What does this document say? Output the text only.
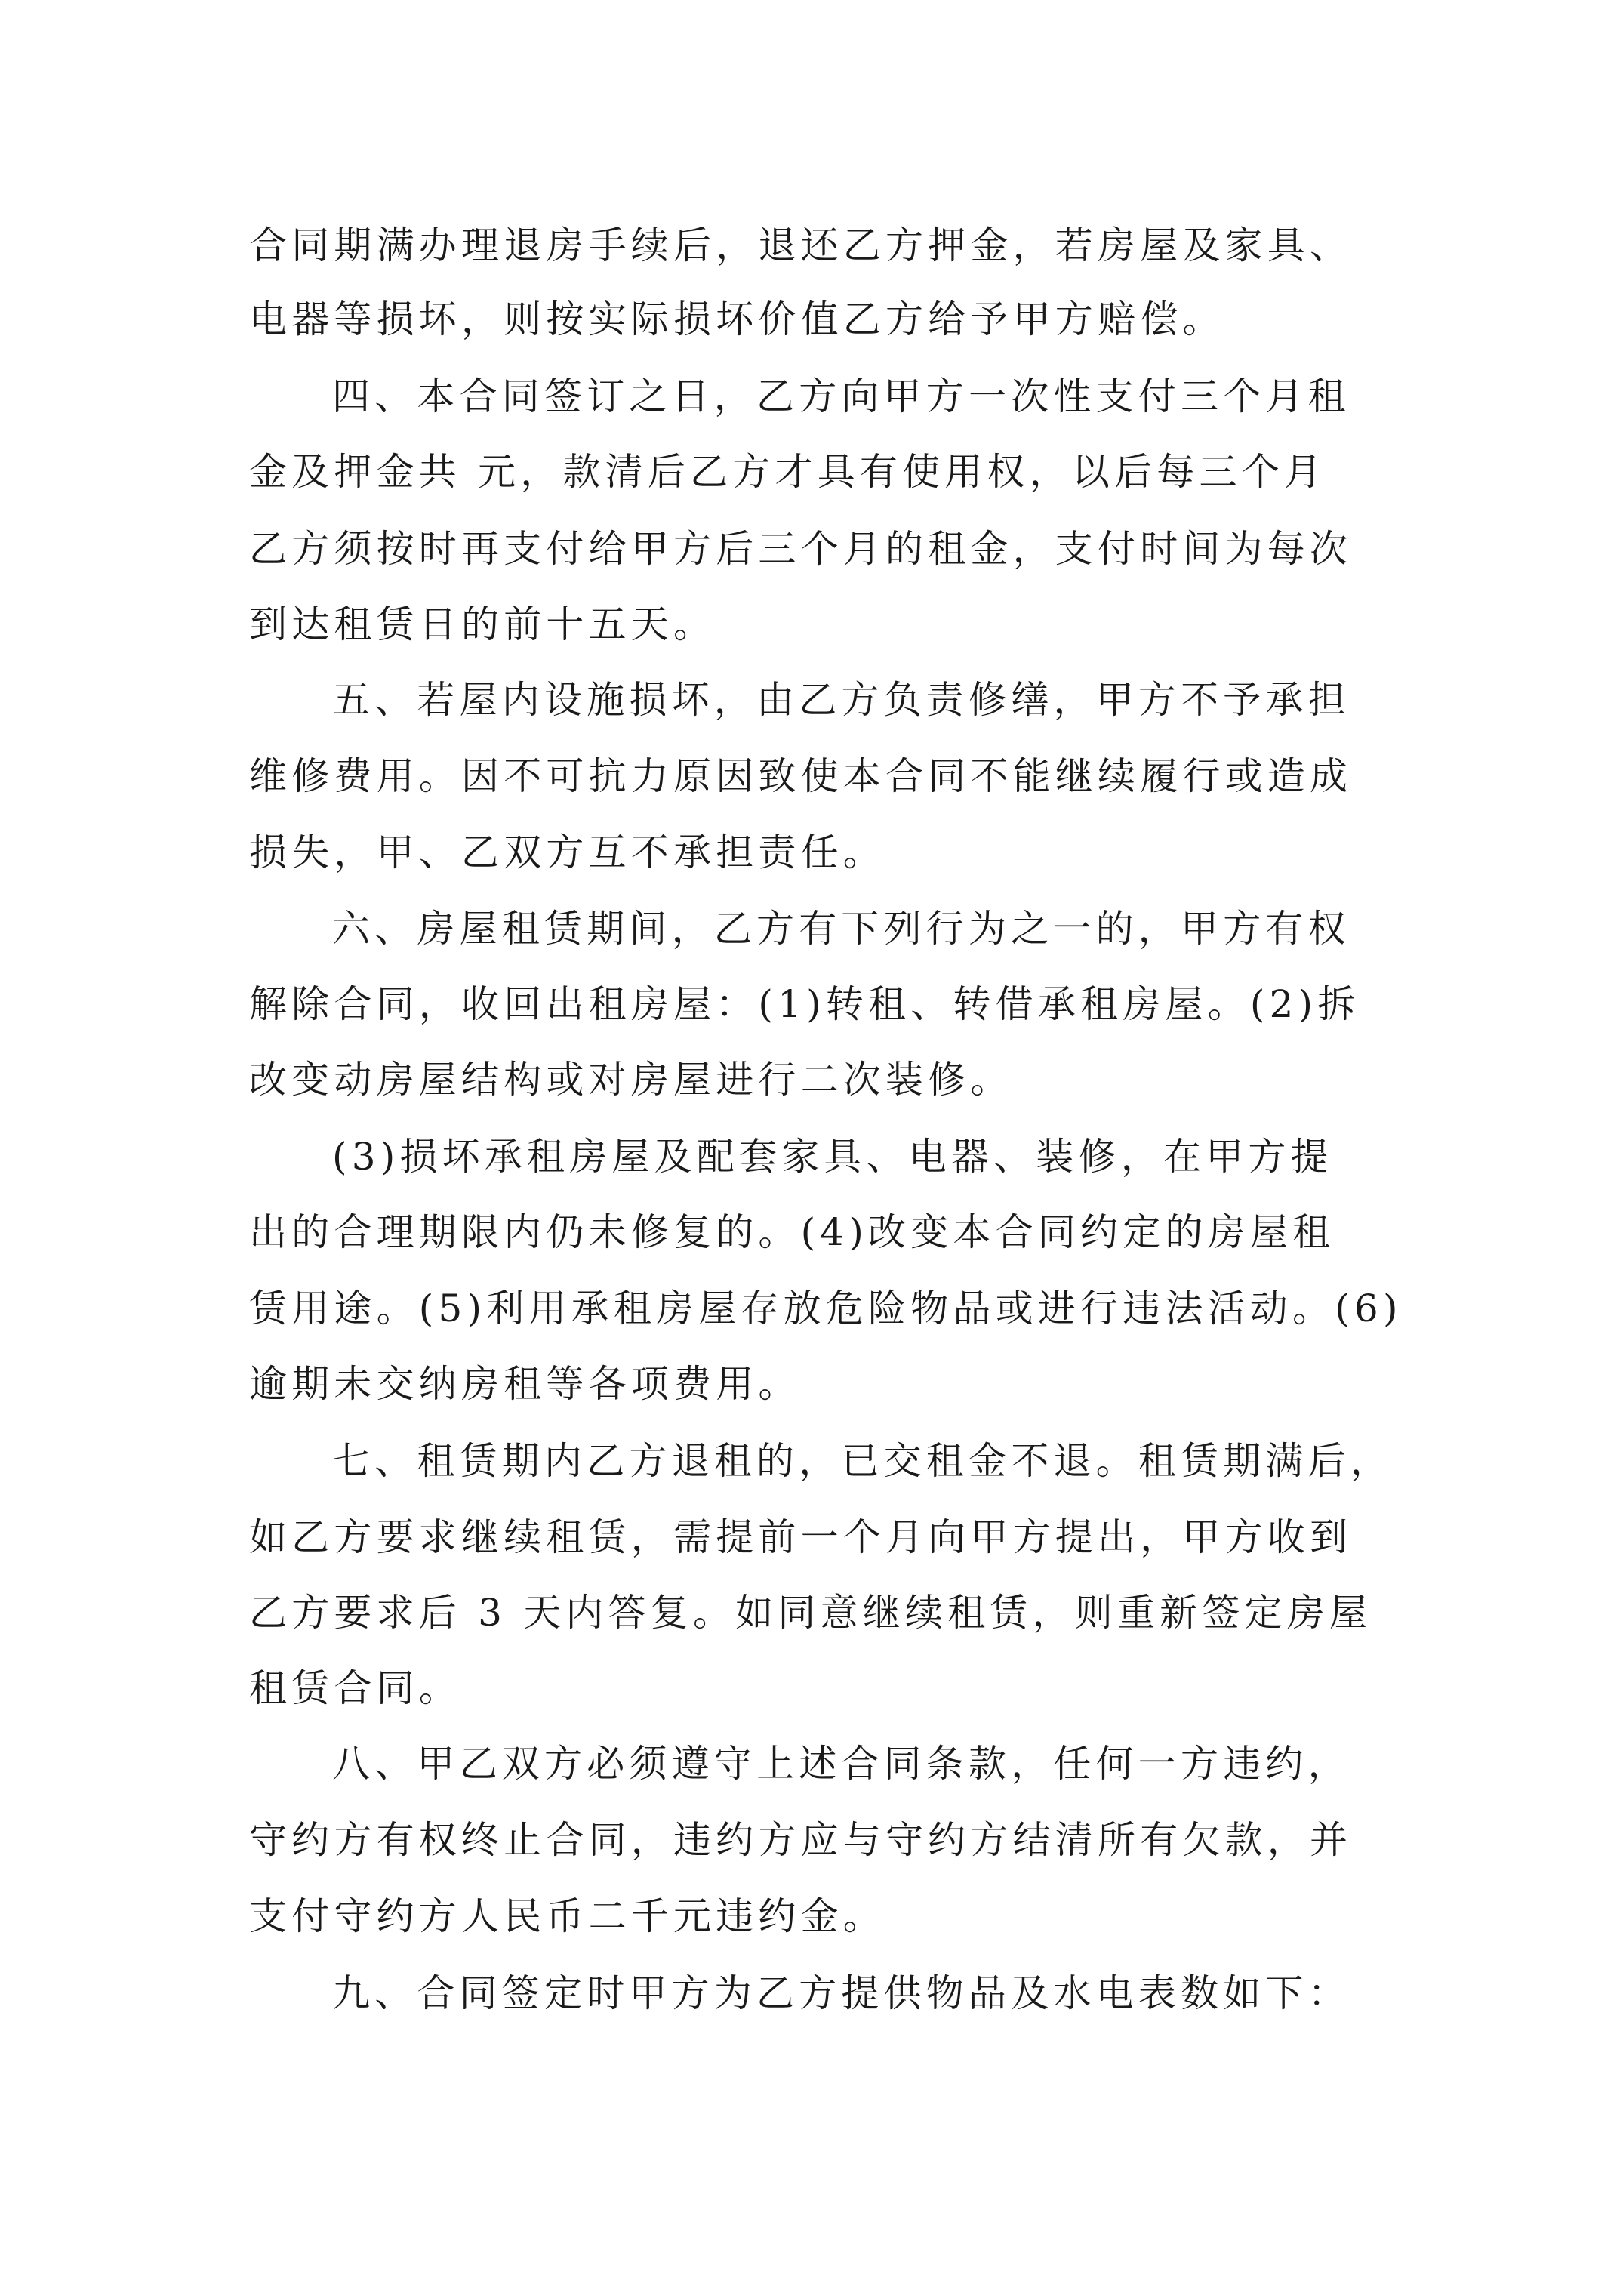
合同期满办理退房手续后，退还乙方押金，若房屋及家具、
电器等损坏，则按实际损坏价值乙方给予甲方赔偿。
四、本合同签订之日，乙方向甲方一次性支付三个月租
金及押金共 元，款清后乙方才具有使用权，以后每三个月
乙方须按时再支付给甲方后三个月的租金，支付时间为每次
到达租赁日的前十五天。
五、若屋内设施损坏，由乙方负责修缮，甲方不予承担
维修费用。因不可抗力原因致使本合同不能继续履行或造成
损失，甲、乙双方互不承担责任。
六、房屋租赁期间，乙方有下列行为之一的，甲方有权
解除合同，收回出租房屋：(1)转租、转借承租房屋。(2)拆
改变动房屋结构或对房屋进行二次装修。
(3)损坏承租房屋及配套家具、电器、装修，在甲方提
出的合理期限内仍未修复的。(4)改变本合同约定的房屋租
赁用途。(5)利用承租房屋存放危险物品或进行违法活动。(6)
逾期未交纳房租等各项费用。
七、租赁期内乙方退租的，已交租金不退。租赁期满后，
如乙方要求继续租赁，需提前一个月向甲方提出，甲方收到
乙方要求后 3 天内答复。如同意继续租赁，则重新签定房屋
租赁合同。
八、甲乙双方必须遵守上述合同条款，任何一方违约，
守约方有权终止合同，违约方应与守约方结清所有欠款，并
支付守约方人民币二千元违约金。
九、合同签定时甲方为乙方提供物品及水电表数如下：
